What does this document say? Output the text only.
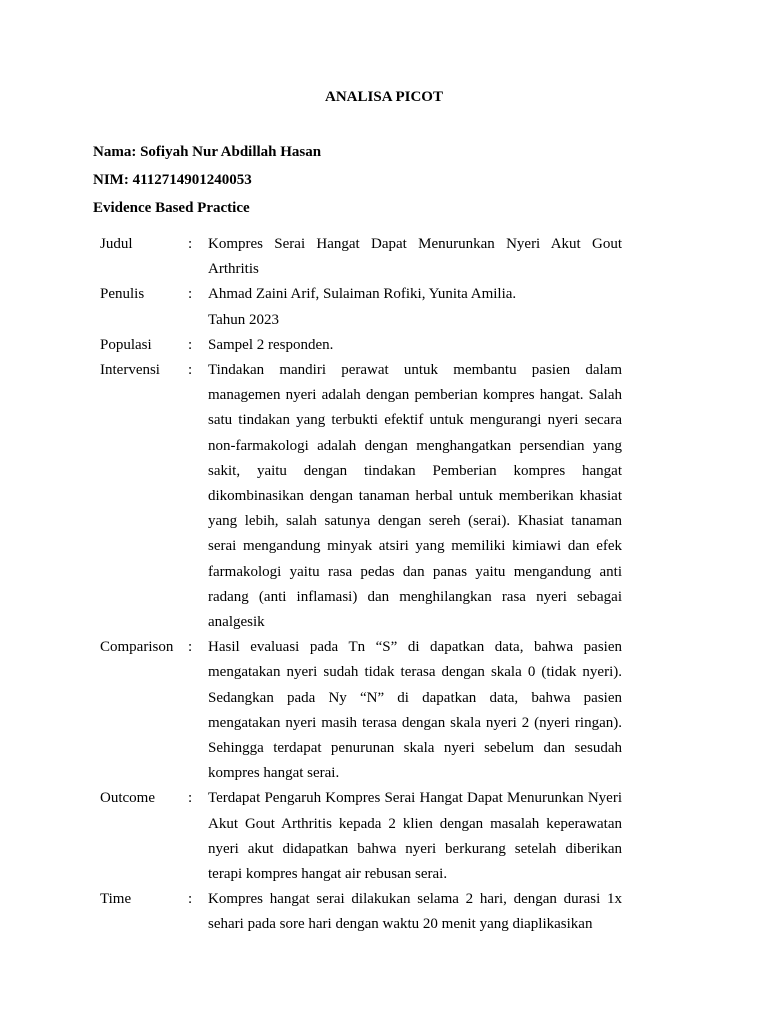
ANALISA PICOT
Nama: Sofiyah Nur Abdillah Hasan
NIM: 4112714901240053
Evidence Based Practice
Judul	:	Kompres Serai Hangat Dapat Menurunkan Nyeri Akut Gout Arthritis
Penulis	:	Ahmad Zaini Arif, Sulaiman Rofiki, Yunita Amilia.
Tahun 2023
Populasi	:	Sampel 2 responden.
Intervensi	:	Tindakan mandiri perawat untuk membantu pasien dalam managemen nyeri adalah dengan pemberian kompres hangat. Salah satu tindakan yang terbukti efektif untuk mengurangi nyeri secara non-farmakologi adalah dengan menghangatkan persendian yang sakit, yaitu dengan tindakan Pemberian kompres hangat dikombinasikan dengan tanaman herbal untuk memberikan khasiat yang lebih, salah satunya dengan sereh (serai). Khasiat tanaman serai mengandung minyak atsiri yang memiliki kimiawi dan efek farmakologi yaitu rasa pedas dan panas yaitu mengandung anti radang (anti inflamasi) dan menghilangkan rasa nyeri sebagai analgesik
Comparison :	Hasil evaluasi pada Tn “S” di dapatkan data, bahwa pasien mengatakan nyeri sudah tidak terasa dengan skala 0 (tidak nyeri). Sedangkan pada Ny “N” di dapatkan data, bahwa pasien mengatakan nyeri masih terasa dengan skala nyeri 2 (nyeri ringan). Sehingga terdapat penurunan skala nyeri sebelum dan sesudah kompres hangat serai.
Outcome	:	Terdapat Pengaruh Kompres Serai Hangat Dapat Menurunkan Nyeri Akut Gout Arthritis kepada 2 klien dengan masalah keperawatan nyeri akut didapatkan bahwa nyeri berkurang setelah diberikan terapi kompres hangat air rebusan serai.
Time	:	Kompres hangat serai dilakukan selama 2 hari, dengan durasi 1x sehari pada sore hari dengan waktu 20 menit yang diaplikasikan
